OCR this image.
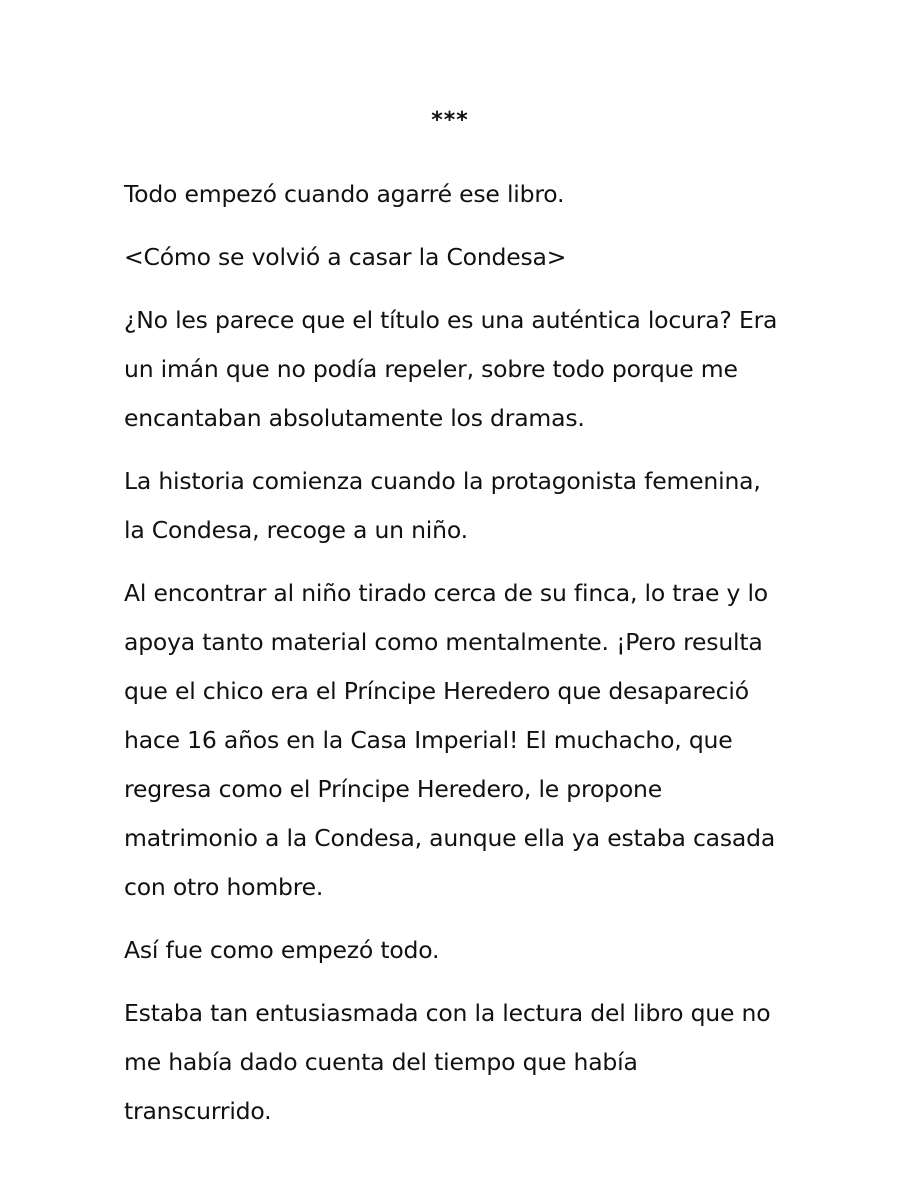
***

Todo empezó cuando agarré ese libro.

<Cómo se volvió a casar la Condesa>

¿No les parece que el título es una auténtica locura? Era un imán que no podía repeler, sobre todo porque me encantaban absolutamente los dramas.

La historia comienza cuando la protagonista femenina, la Condesa, recoge a un niño.

Al encontrar al niño tirado cerca de su finca, lo trae y lo apoya tanto material como mentalmente. ¡Pero resulta que el chico era el Príncipe Heredero que desapareció hace 16 años en la Casa Imperial! El muchacho, que regresa como el Príncipe Heredero, le propone matrimonio a la Condesa, aunque ella ya estaba casada con otro hombre.

Así fue como empezó todo.

Estaba tan entusiasmada con la lectura del libro que no me había dado cuenta del tiempo que había transcurrido.
